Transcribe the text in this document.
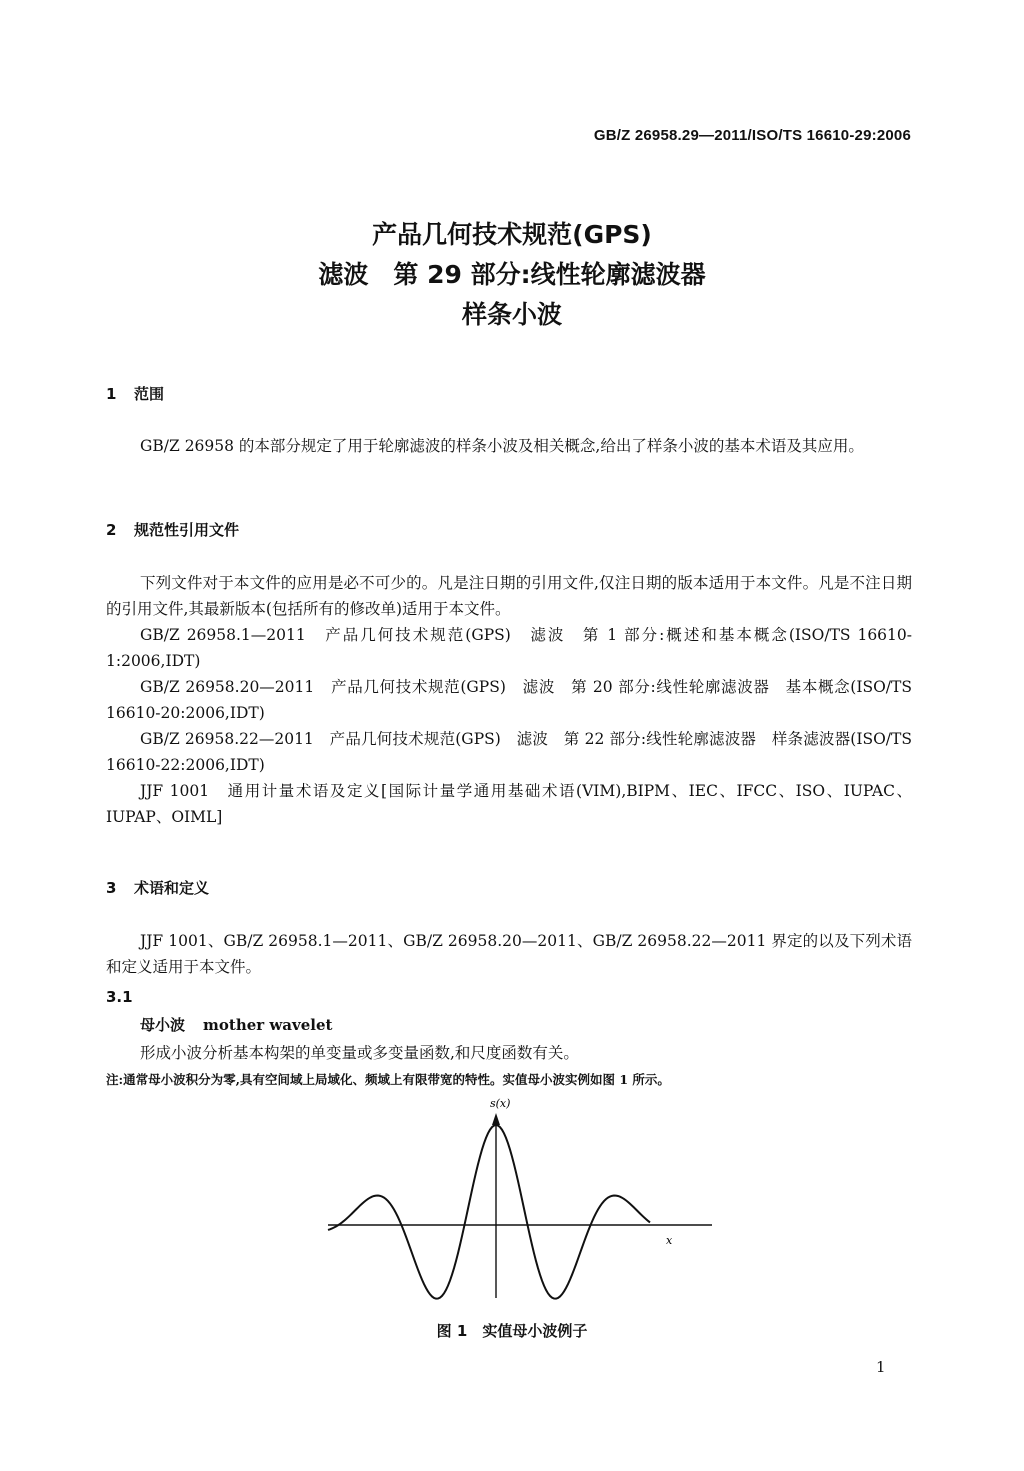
GB/Z 26958.29—2011/ISO/TS 16610-29:2006
产品几何技术规范(GPS)
滤波　第 29 部分:线性轮廓滤波器
样条小波
1 范围

GB/Z 26958 的本部分规定了用于轮廓滤波的样条小波及相关概念,给出了样条小波的基本术语及其应用。

2 规范性引用文件

下列文件对于本文件的应用是必不可少的。凡是注日期的引用文件,仅注日期的版本适用于本文件。凡是不注日期的引用文件,其最新版本(包括所有的修改单)适用于本文件。

GB/Z 26958.1—2011　产品几何技术规范(GPS)　滤波　第 1 部分:概述和基本概念(ISO/TS 16610-1:2006,IDT)

GB/Z 26958.20—2011　产品几何技术规范(GPS)　滤波　第 20 部分:线性轮廓滤波器　基本概念(ISO/TS 16610-20:2006,IDT)

GB/Z 26958.22—2011　产品几何技术规范(GPS)　滤波　第 22 部分:线性轮廓滤波器　样条滤波器(ISO/TS 16610-22:2006,IDT)

JJF 1001　通用计量术语及定义[国际计量学通用基础术语(VIM),BIPM、IEC、IFCC、ISO、IUPAC、IUPAP、OIML]

3 术语和定义

JJF 1001、GB/Z 26958.1—2011、GB/Z 26958.20—2011、GB/Z 26958.22—2011 界定的以及下列术语和定义适用于本文件。

3.1
母小波 mother wavelet
形成小波分析基本构架的单变量或多变量函数,和尺度函数有关。
注:通常母小波积分为零,具有空间域上局域化、频域上有限带宽的特性。实值母小波实例如图 1 所示。
s(x)
x
图 1　实值母小波例子
1
